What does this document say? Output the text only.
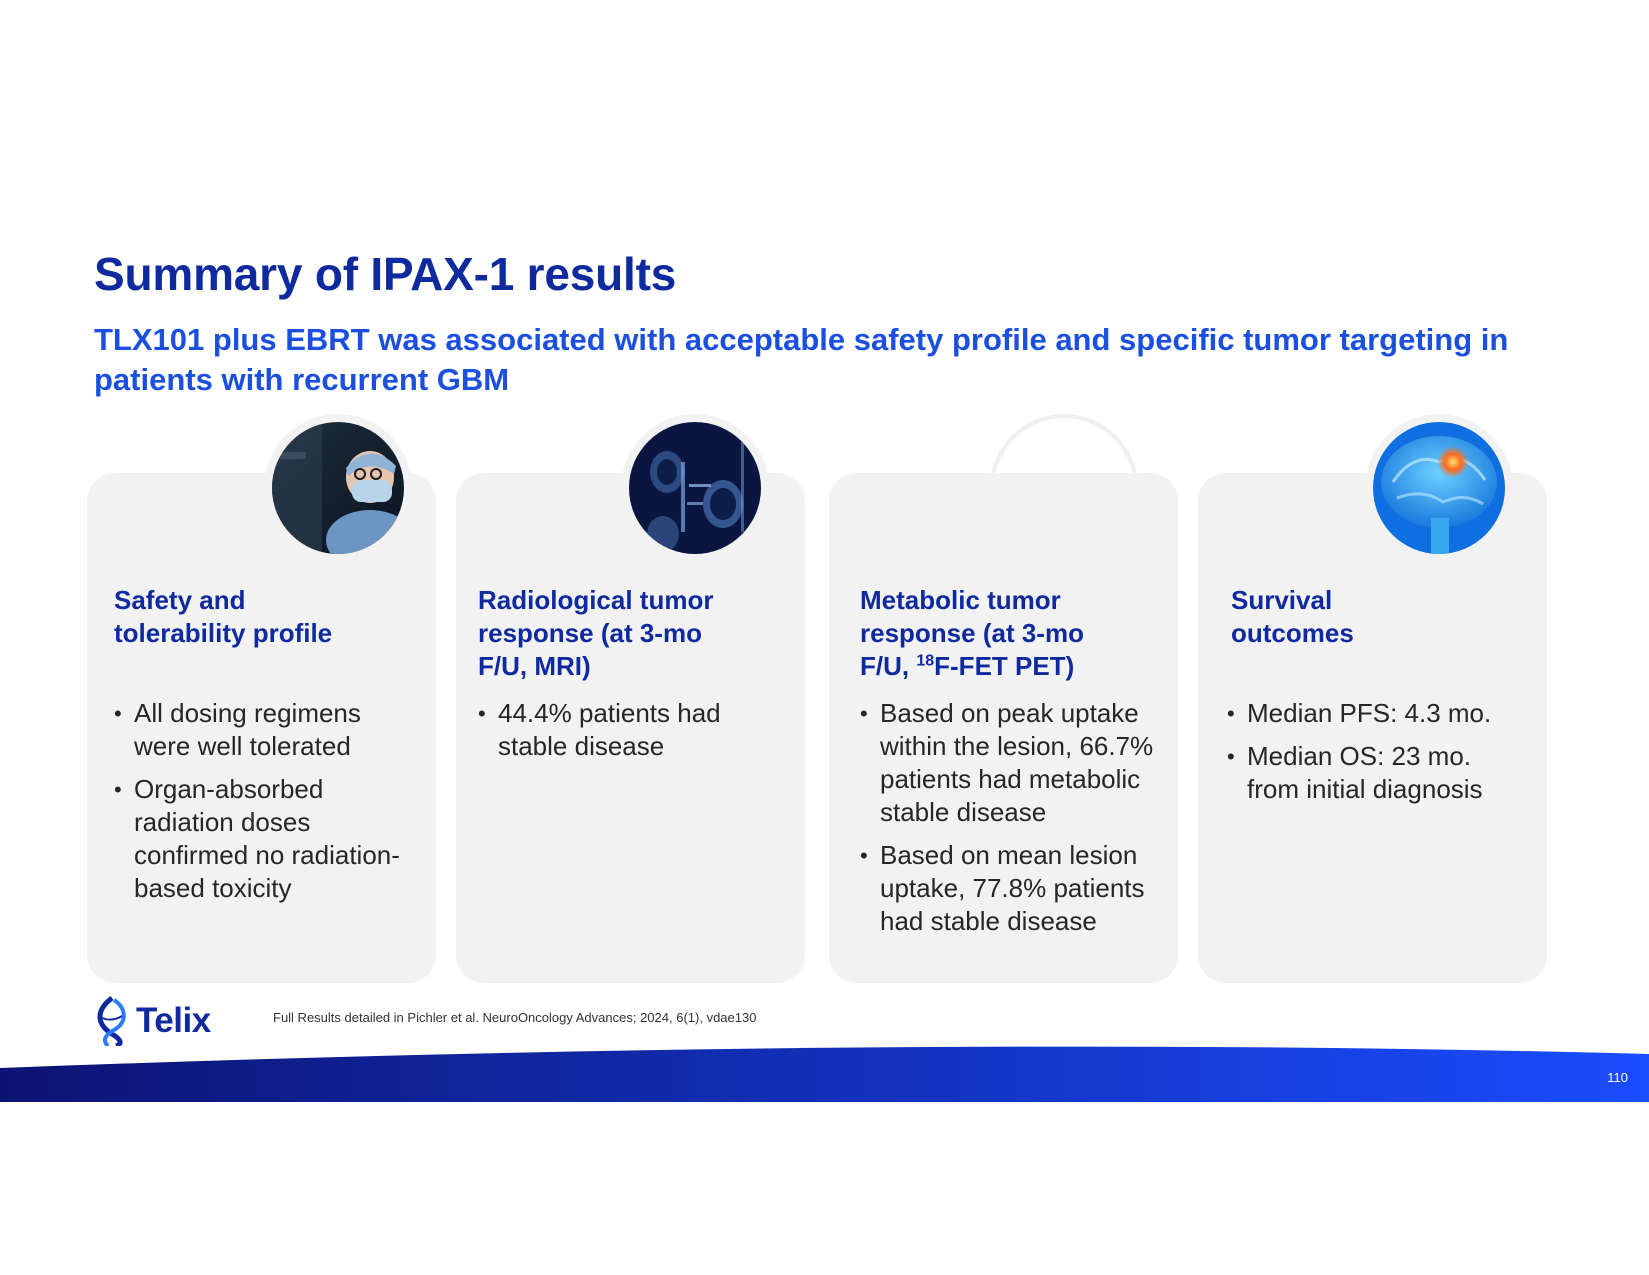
Summary of IPAX-1 results

TLX101 plus EBRT was associated with acceptable safety profile and specific tumor targeting in patients with recurrent GBM

Safety and
tolerability profile
• All dosing regimens were well tolerated
• Organ-absorbed radiation doses confirmed no radiation-based toxicity
Radiological tumor
response (at 3-mo
F/U, MRI)
• 44.4% patients had stable disease
Metabolic tumor
response (at 3-mo
F/U, $^{18}$F-FET PET)
• Based on peak uptake within the lesion, 66.7% patients had metabolic stable disease
• Based on mean lesion uptake, 77.8% patients had stable disease
Survival
outcomes
• Median PFS: 4.3 mo.
• Median OS: 23 mo. from initial diagnosis
Telix	Full Results detailed in Pichler et al. NeuroOncology Advances; 2024, 6(1), vdae130
110
